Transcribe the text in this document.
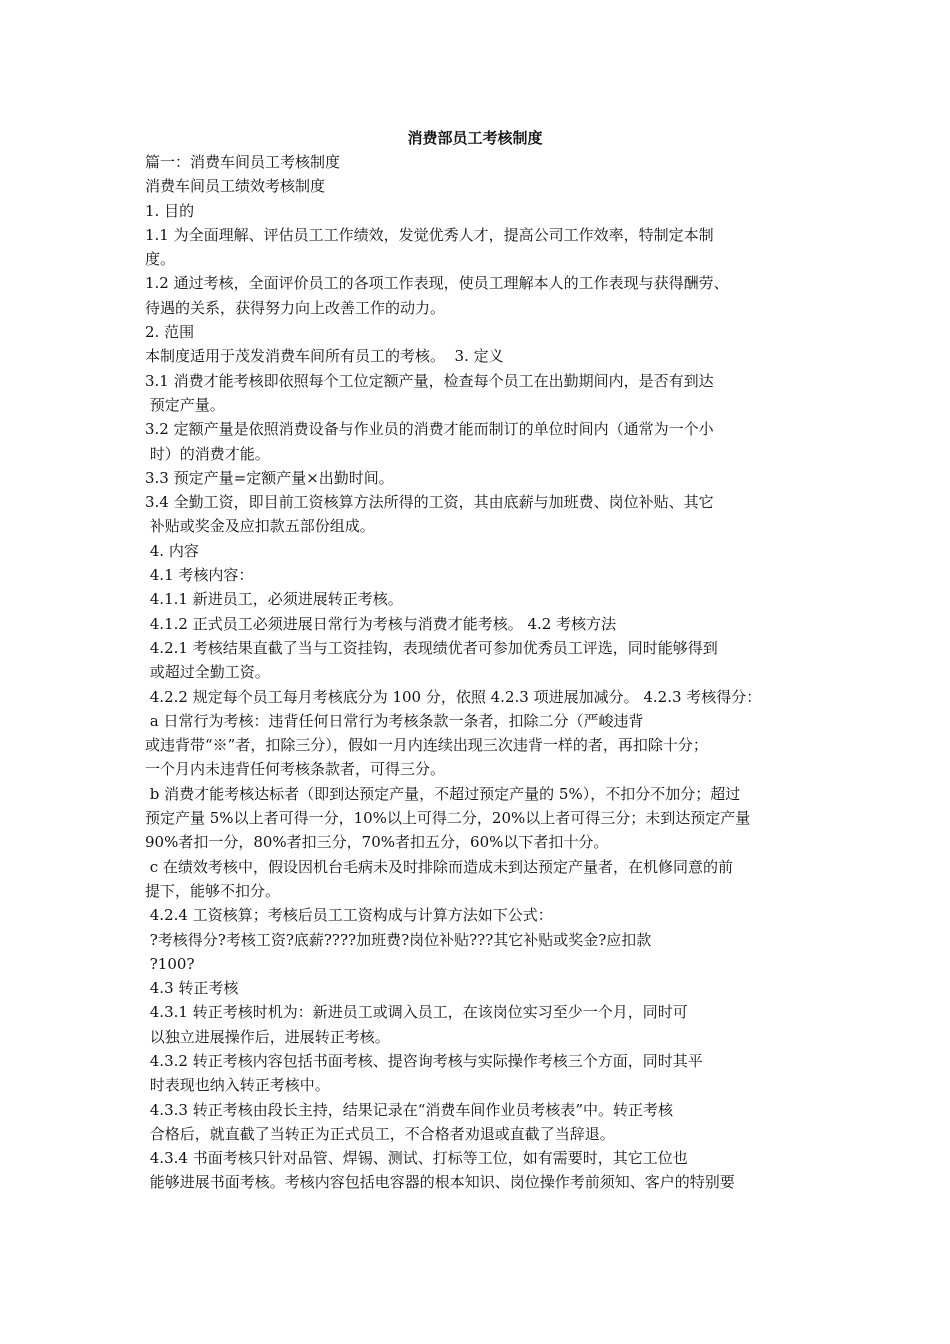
消费部员工考核制度
篇一：消费车间员工考核制度
消费车间员工绩效考核制度
1. 目的
1.1 为全面理解、评估员工工作绩效，发觉优秀人才，提高公司工作效率，特制定本制
度。
1.2 通过考核，全面评价员工的各项工作表现，使员工理解本人的工作表现与获得酬劳、
待遇的关系，获得努力向上改善工作的动力。
2. 范围
本制度适用于茂发消费车间所有员工的考核。  3. 定义
3.1 消费才能考核即依照每个工位定额产量，检查每个员工在出勤期间内，是否有到达
预定产量。
3.2 定额产量是依照消费设备与作业员的消费才能而制订的单位时间内（通常为一个小
时）的消费才能。
3.3 预定产量=定额产量×出勤时间。
3.4 全勤工资，即目前工资核算方法所得的工资，其由底薪与加班费、岗位补贴、其它
补贴或奖金及应扣款五部份组成。
4. 内容
4.1 考核内容：
4.1.1 新进员工，必须进展转正考核。
4.1.2 正式员工必须进展日常行为考核与消费才能考核。 4.2 考核方法
4.2.1 考核结果直截了当与工资挂钩，表现绩优者可参加优秀员工评选，同时能够得到
或超过全勤工资。
4.2.2 规定每个员工每月考核底分为 100 分，依照 4.2.3 项进展加减分。 4.2.3 考核得分：
a 日常行为考核：违背任何日常行为考核条款一条者，扣除二分（严峻违背
或违背带“※”者，扣除三分），假如一月内连续出现三次违背一样的者，再扣除十分；
一个月内未违背任何考核条款者，可得三分。
b 消费才能考核达标者（即到达预定产量，不超过预定产量的 5%），不扣分不加分；超过
预定产量 5%以上者可得一分，10%以上可得二分，20%以上者可得三分；未到达预定产量
90%者扣一分，80%者扣三分，70%者扣五分，60%以下者扣十分。
c 在绩效考核中，假设因机台毛病未及时排除而造成未到达预定产量者，在机修同意的前
提下，能够不扣分。
4.2.4 工资核算；考核后员工工资构成与计算方法如下公式：
?考核得分?考核工资?底薪????加班费?岗位补贴???其它补贴或奖金?应扣款
?100?
4.3 转正考核
4.3.1 转正考核时机为：新进员工或调入员工，在该岗位实习至少一个月，同时可
以独立进展操作后，进展转正考核。
4.3.2 转正考核内容包括书面考核、提咨询考核与实际操作考核三个方面，同时其平
时表现也纳入转正考核中。
4.3.3 转正考核由段长主持，结果记录在“消费车间作业员考核表”中。转正考核
合格后，就直截了当转正为正式员工，不合格者劝退或直截了当辞退。
4.3.4 书面考核只针对品管、焊锡、测试、打标等工位，如有需要时，其它工位也
能够进展书面考核。考核内容包括电容器的根本知识、岗位操作考前须知、客户的特别要
